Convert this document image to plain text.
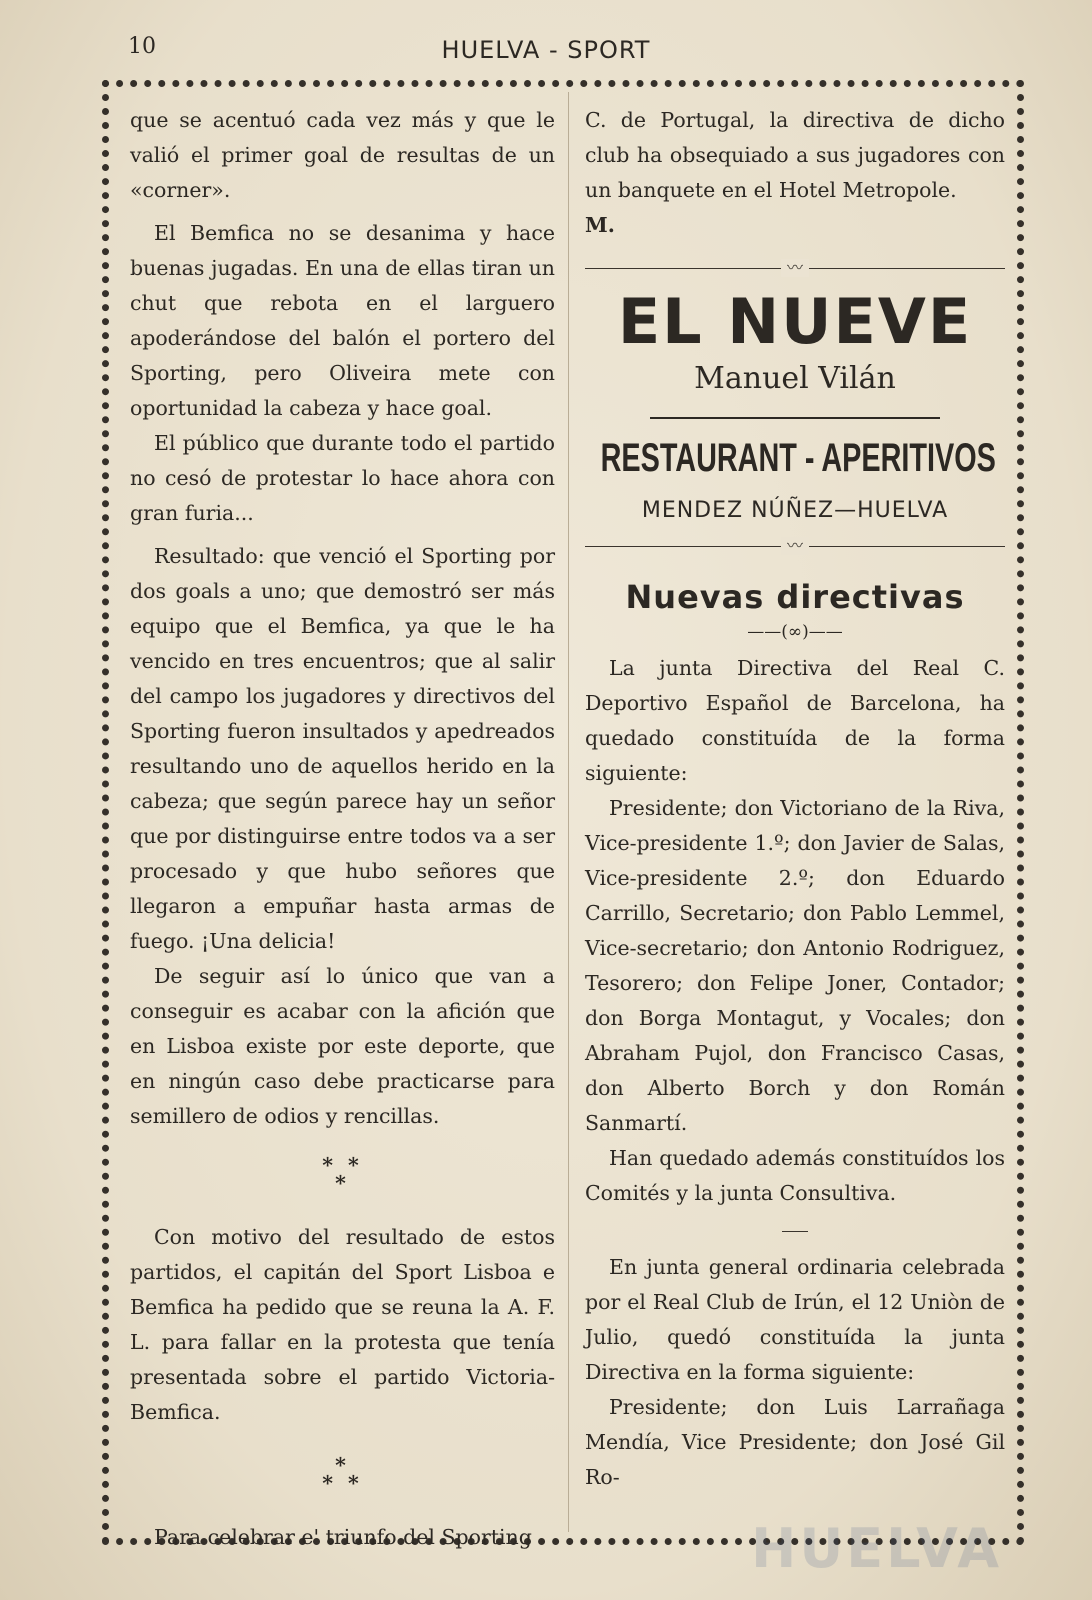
10	HUELVA - SPORT

que se acentuó cada vez más y que le valió el primer goal de resultas de un «corner».

El Bemfica no se desanima y hace buenas jugadas. En una de ellas tiran un chut que rebota en el larguero apoderándose del balón el portero del Sporting, pero Oliveira mete con oportunidad la cabeza y hace goal.

El público que durante todo el partido no cesó de protestar lo hace ahora con gran furia...

Resultado: que venció el Sporting por dos goals a uno; que demostró ser más equipo que el Bemfica, ya que le ha vencido en tres encuentros; que al salir del campo los jugadores y directivos del Sporting fueron insultados y apedreados resultando uno de aquellos herido en la cabeza; que según parece hay un señor que por distinguirse entre todos va a ser procesado y que hubo señores que llegaron a empuñar hasta armas de fuego. ¡Una delicia!

De seguir así lo único que van a conseguir es acabar con la afición que en Lisboa existe por este deporte, que en ningún caso debe practicarse para semillero de odios y rencillas.

* *
*

Con motivo del resultado de estos partidos, el capitán del Sport Lisboa e Bemfica ha pedido que se reuna la A. F. L. para fallar en la protesta que tenía presentada sobre el partido Victoria-Bemfica.

*
* *

Para celebrar e' triunfo del Sporting

C. de Portugal, la directiva de dicho club ha obsequiado a sus jugadores con un banquete en el Hotel Metropole.

M.

〰
EL NUEVE
Manuel Vilán
RESTAURANT - APERITIVOS
MENDEZ NÚÑEZ—HUELVA
〰
Nuevas directivas
——(∞)——

La junta Directiva del Real C. Deportivo Español de Barcelona, ha quedado constituída de la forma siguiente:

Presidente; don Victoriano de la Riva, Vice-presidente 1.º; don Javier de Salas, Vice-presidente 2.º; don Eduardo Carrillo, Secretario; don Pablo Lemmel, Vice-secretario; don Antonio Rodriguez, Tesorero; don Felipe Joner, Contador; don Borga Montagut, y Vocales; don Abraham Pujol, don Francisco Casas, don Alberto Borch y don Román Sanmartí.

Han quedado además constituídos los Comités y la junta Consultiva.

En junta general ordinaria celebrada por el Real Club de Irún, el 12 Uniòn de Julio, quedó constituída la junta Directiva en la forma siguiente:

Presidente; don Luis Larrañaga Mendía, Vice Presidente; don José Gil Ro-

HUELVA
